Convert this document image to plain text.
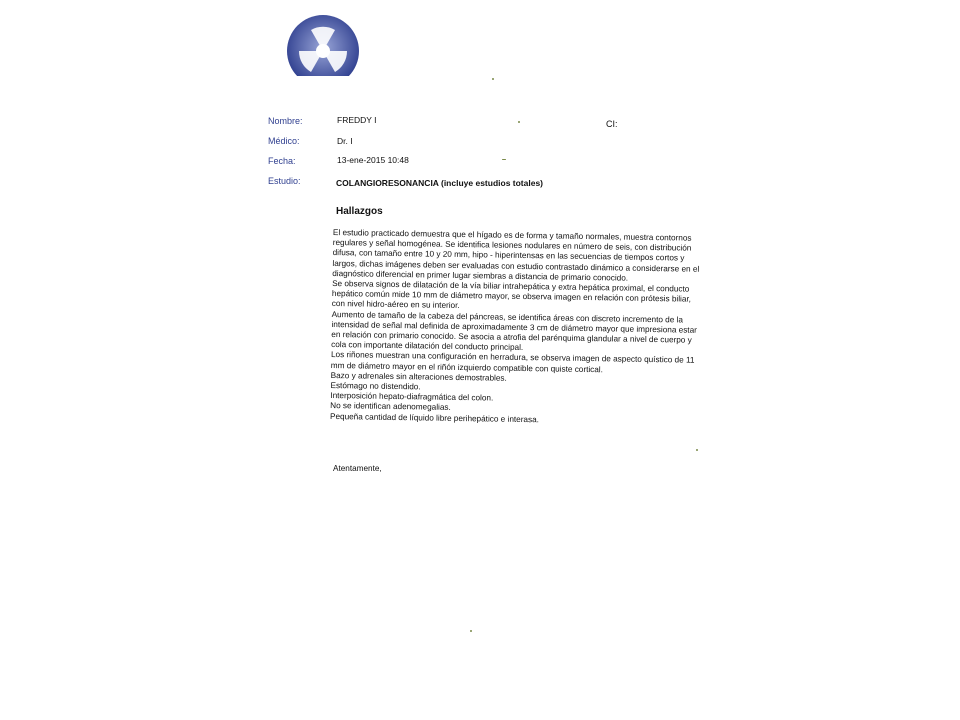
Nombre:
Médico:
Fecha:
Estudio:
FREDDY I
Dr. I
13-ene-2015 10:48
CI:
COLANGIORESONANCIA (incluye estudios totales)
Hallazgos

El estudio practicado demuestra que el hígado es de forma y tamaño normales, muestra contornos regulares y señal homogénea. Se identifica lesiones nodulares en número de seis, con distribución difusa, con tamaño entre 10 y 20 mm, hipo - hiperintensas en las secuencias de tiempos cortos y largos, dichas imágenes deben ser evaluadas con estudio contrastado dinámico a considerarse en el diagnóstico diferencial en primer lugar siembras a distancia de primario conocido.

Se observa signos de dilatación de la vía biliar intrahepática y extra hepática proximal, el conducto hepático común mide 10 mm de diámetro mayor, se observa imagen en relación con prótesis biliar, con nivel hidro-aéreo en su interior.

Aumento de tamaño de la cabeza del páncreas, se identifica áreas con discreto incremento de la intensidad de señal mal definida de aproximadamente 3 cm de diámetro mayor que impresiona estar en relación con primario conocido. Se asocia a atrofia del parénquima glandular a nivel de cuerpo y cola con importante dilatación del conducto principal.

Los riñones muestran una configuración en herradura, se observa imagen de aspecto quístico de 11 mm de diámetro mayor en el riñón izquierdo compatible con quiste cortical.

Bazo y adrenales sin alteraciones demostrables.

Estómago no distendido.

Interposición hepato-diafragmática del colon.

No se identifican adenomegalias.

Pequeña cantidad de líquido libre perihepático e interasa.

Atentamente,
